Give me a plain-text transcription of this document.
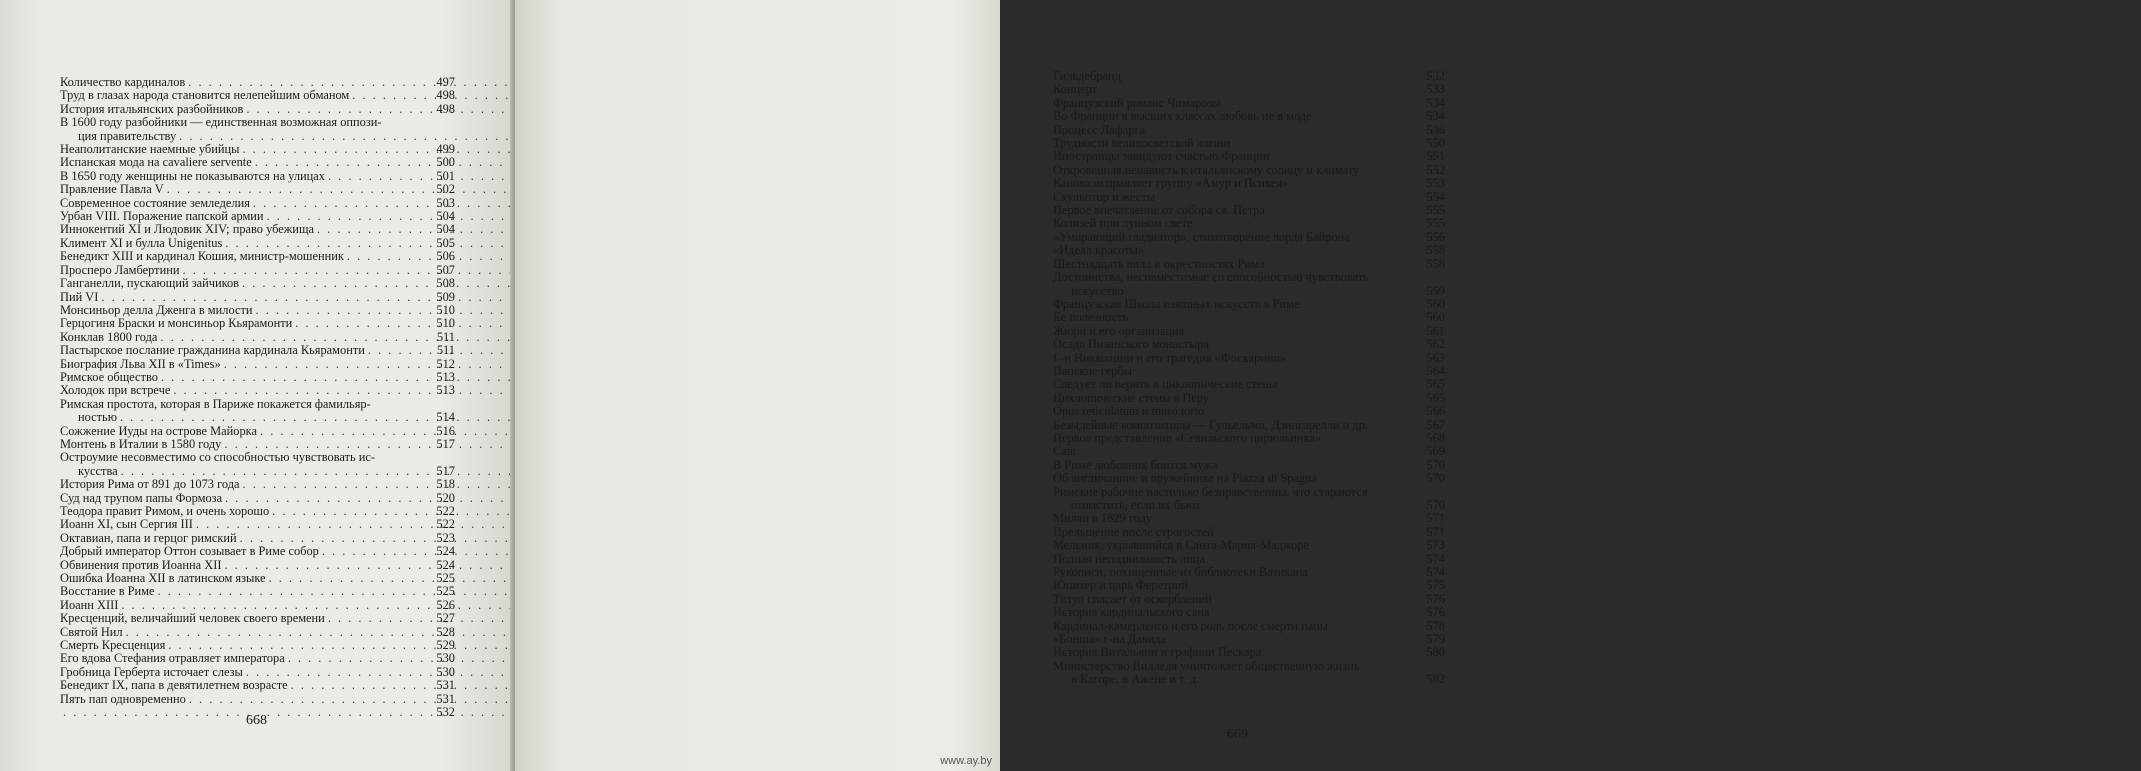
Количество кардиналов . . .	497
Труд в глазах народа становится нелепейшим обманом . . .	498
История итальянских разбойников . . .	498
В 1600 году разбойники — единственная возможная оппози-
ция правительству . . .
Неаполитанские наемные убийцы . . .	499
Испанская мода на cavaliere servente . . .	500
В 1650 году женщины не показываются на улицах . . .	501
Правление Павла V . . .	502
Современное состояние земледелия . . .	503
Урбан VIII. Поражение папской армии . . .	504
Иннокентий XI и Людовик XIV; право убежища . . .	504
Климент XI и булла Unigenitus . . .	505
Бенедикт XIII и кардинал Кошия, министр-мошенник . . .	506
Просперо Ламбертини . . .	507
Ганганелли, пускающий зайчиков . . .	508
Пий VI . . .	509
Монсиньор делла Дженга в милости . . .	510
Герцогиня Браски и монсиньор Кьярамонти . . .	510
Конклав 1800 года . . .	511
Пастырское послание гражданина кардинала Кьярамонти . . .	511
Биография Льва XII в «Times» . . .	512
Римское общество . . .	513
Холодок при встрече . . .	513
Римская простота, которая в Париже покажется фамильяр-
ностью . . .	514
Сожжение Иуды на острове Майорка . . .	516
Монтень в Италии в 1580 году . . .	517
Остроумие несовместимо со способностью чувствовать ис-
кусства . . .	517
История Рима от 891 до 1073 года . . .	518
Суд над трупом папы Формоза . . .	520
Теодора правит Римом, и очень хорошо . . .	522
Иоанн XI, сын Сергия III . . .	522
Октавиан, папа и герцог римский . . .	523
Добрый император Оттон созывает в Риме собор . . .	524
Обвинения против Иоанна XII . . .	524
Ошибка Иоанна XII в латинском языке . . .	525
Восстание в Риме . . .	525
Иоанн XIII . . .	526
Кресценций, величайший человек своего времени . . .	527
Святой Нил . . .	528
Смерть Кресценция . . .	529
Его вдова Стефания отравляет императора . . .	530
Гробница Герберта источает слезы . . .	530
Бенедикт IX, папа в девятилетнем возрасте . . .	531
Пять пап одновременно . . .	531
. . .
532
668
Гильдебранд . . .	532
Концерт . . .	533
Французский романс Чимарозы . . .	534
Во Франции в высших классах любовь не в моде . . .	534
Процесс Лафарга . . .	536
Трудности великосветской жизни . . .	550
Иностранцы завидуют счастью Франции . . .	551
Откровенная ненависть к итальянскому солнцу и климату . . .	552
Канова исправляет группу «Амур и Психея» . . .	553
Скульптор и жесты . . .	554
Первое впечатление от собора св. Петра . . .	555
Колизей при лунном свете . . .	555
«Умирающий гладиатор», стихотворение лорда Байрона . . .	556
«Идеал красоты» . . .	558
Шестнадцать вилл в окрестностях Рима . . .	558
Достоинства, несовместимые со способностью чувствовать
искусство . . .	559
Французская Школа изящных искусств в Риме . . .	560
Ее полезность . . .	560
Жюри и его организация . . .	561
Осада Пизанского монастыря . . .	562
Г-н Никколини и его трагедия «Фоскарини» . . .	563
Папские гербы . . .	564
Следует ли верить в циклопические стены . . .	565
Циклопические стены в Перу . . .	565
Opus reticulatum и muro torto . . .	566
Безыдейные композиторы — Гульельми, Дзингарелли и др. . . .	567
Первое представление «Севильского цирюльника» . . .	568
Cant . . .	569
В Риме любовник боится мужа . . .	570
Об англичанине и оружейнике на Piazza di Spagna . . .	570
Римские рабочие настолько безнравственны, что стараются
отомстить, если их бьют . . .	570
Милан в 1829 году . . .	571
Прельщение после строгостей . . .	571
Мельник, укрывшийся в Санта-Мария-Маджоре . . .	573
Полная неподвижность лица . . .	574
Рукописи, похищенные из библиотеки Ватикана . . .	574
Юпитер и царь Феретрий . . .	575
Титул спасает от оскорблений . . .	576
История кардинальского сана . . .	576
Кардинал-камерленго и его роль после смерти папы . . .	578
«Бонша» г-на Давида . . .	579
История Витальяни и графини Пескара . . .	580
Министерство Виллеля уничтожает общественную жизнь
в Кагоре, в Ажене и т. д. . . .	582
669
www.ay.by
